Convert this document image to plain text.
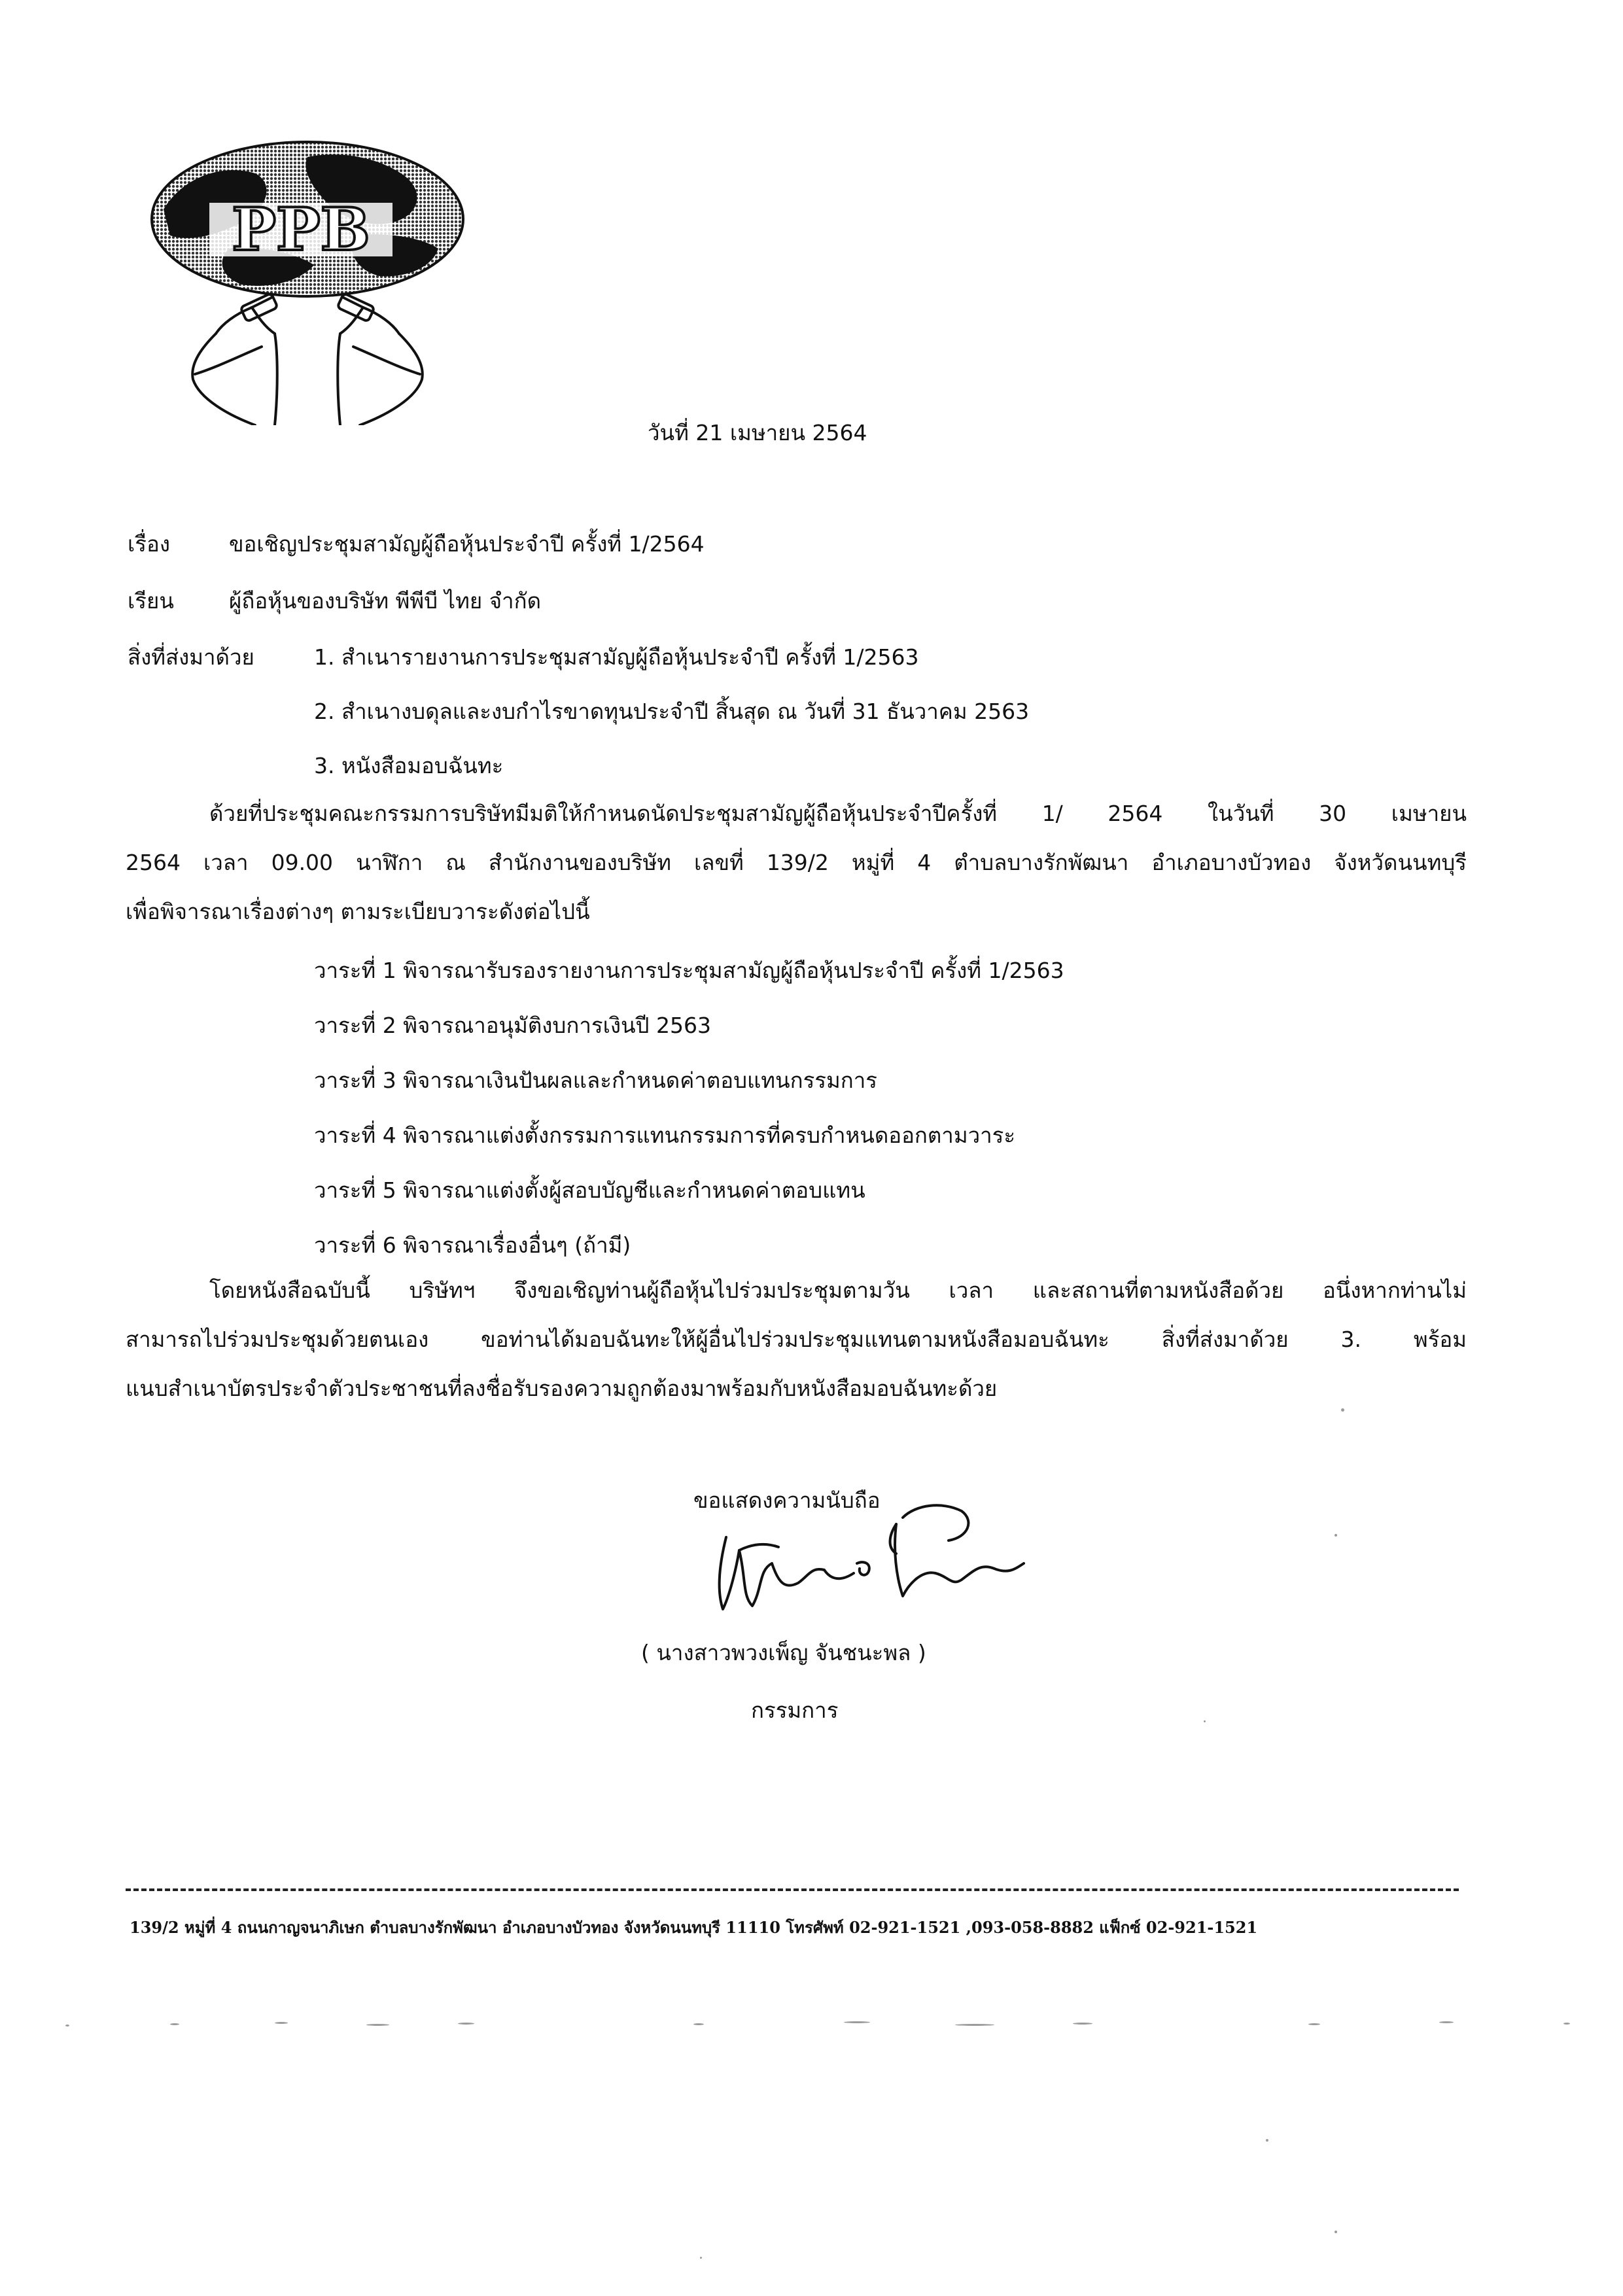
PPB
วันที่ 21 เมษายน 2564
เรื่อง	ขอเชิญประชุมสามัญผู้ถือหุ้นประจำปี ครั้งที่ 1/2564
เรียน	ผู้ถือหุ้นของบริษัท พีพีบี ไทย จำกัด
สิ่งที่ส่งมาด้วย	1. สำเนารายงานการประชุมสามัญผู้ถือหุ้นประจำปี ครั้งที่ 1/2563
2. สำเนางบดุลและงบกำไรขาดทุนประจำปี สิ้นสุด ณ วันที่ 31 ธันวาคม 2563
3. หนังสือมอบฉันทะ
ด้วยที่ประชุมคณะกรรมการบริษัทมีมติให้กำหนดนัดประชุมสามัญผู้ถือหุ้นประจำปีครั้งที่ 1/ 2564 ในวันที่ 30 เมษายน
2564 เวลา 09.00 นาฬิกา ณ สำนักงานของบริษัท เลขที่ 139/2 หมู่ที่ 4 ตำบลบางรักพัฒนา อำเภอบางบัวทอง จังหวัดนนทบุรี
เพื่อพิจารณาเรื่องต่างๆ ตามระเบียบวาระดังต่อไปนี้
วาระที่ 1 พิจารณารับรองรายงานการประชุมสามัญผู้ถือหุ้นประจำปี ครั้งที่ 1/2563
วาระที่ 2 พิจารณาอนุมัติงบการเงินปี 2563
วาระที่ 3 พิจารณาเงินปันผลและกำหนดค่าตอบแทนกรรมการ
วาระที่ 4 พิจารณาแต่งตั้งกรรมการแทนกรรมการที่ครบกำหนดออกตามวาระ
วาระที่ 5 พิจารณาแต่งตั้งผู้สอบบัญชีและกำหนดค่าตอบแทน
วาระที่ 6 พิจารณาเรื่องอื่นๆ (ถ้ามี)
โดยหนังสือฉบับนี้ บริษัทฯ จึงขอเชิญท่านผู้ถือหุ้นไปร่วมประชุมตามวัน เวลา และสถานที่ตามหนังสือด้วย อนึ่งหากท่านไม่
สามารถไปร่วมประชุมด้วยตนเอง ขอท่านได้มอบฉันทะให้ผู้อื่นไปร่วมประชุมแทนตามหนังสือมอบฉันทะ สิ่งที่ส่งมาด้วย 3. พร้อม
แนบสำเนาบัตรประจำตัวประชาชนที่ลงชื่อรับรองความถูกต้องมาพร้อมกับหนังสือมอบฉันทะด้วย
ขอแสดงความนับถือ
( นางสาวพวงเพ็ญ จันชนะพล )
กรรมการ
139/2 หมู่ที่ 4 ถนนกาญจนาภิเษก ตำบลบางรักพัฒนา อำเภอบางบัวทอง จังหวัดนนทบุรี 11110 โทรศัพท์ 02-921-1521 ,093-058-8882 แฟ็กซ์ 02-921-1521
